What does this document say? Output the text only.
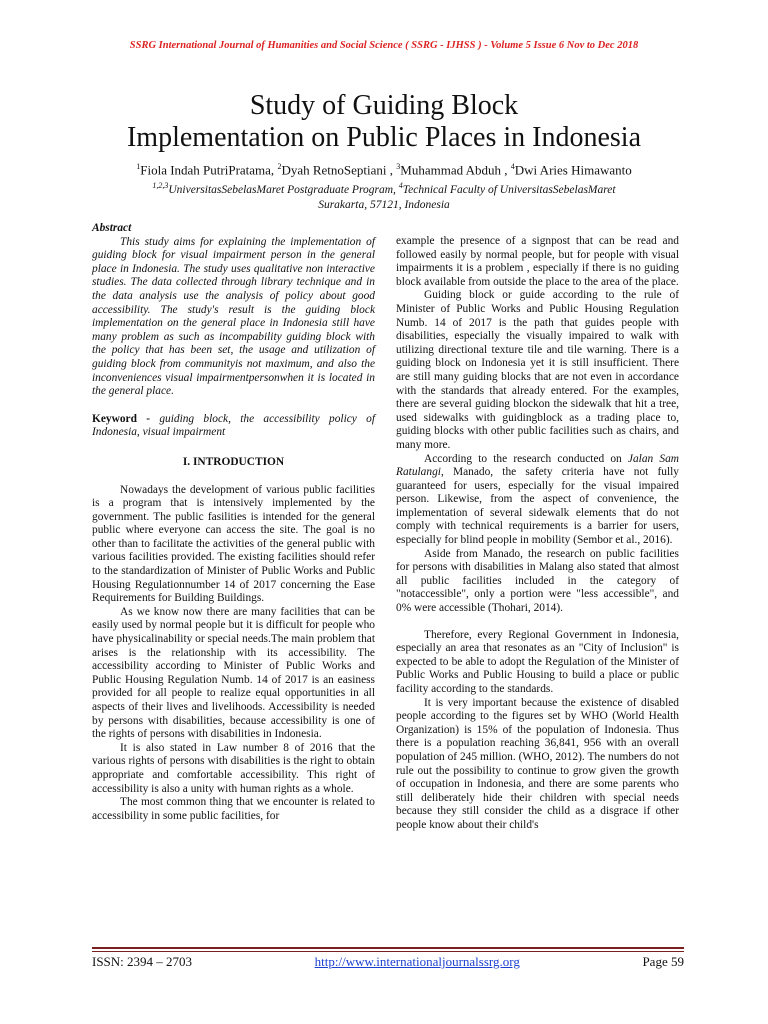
SSRG International Journal of Humanities and Social Science ( SSRG - IJHSS ) - Volume 5 Issue 6 Nov to Dec 2018
Study of Guiding Block
Implementation on Public Places in Indonesia
$^1$Fiola Indah PutriPratama, $^2$Dyah RetnoSeptiani , $^3$Muhammad Abduh , $^4$Dwi Aries Himawanto
$^{1,2,3}$UniversitasSebelasMaret Postgraduate Program, $^4$Technical Faculty of UniversitasSebelasMaret
Surakarta, 57121, Indonesia
Abstract

This study aims for explaining the implementation of guiding block for visual impairment person in the general place in Indonesia. The study uses qualitative non interactive studies. The data collected through library technique and in the data analysis use the analysis of policy about good accessibility. The study's result is the guiding block implementation on the general place in Indonesia still have many problem as such as incompability guiding block with the policy that has been set, the usage and utilization of guiding block from communityis not maximum, and also the inconveniences visual impairmentpersonwhen it is located in the general place.

Keyword - guiding block, the accessibility policy of Indonesia, visual impairment

I. INTRODUCTION

Nowadays the development of various public facilities is a program that is intensively implemented by the government. The public fasilities is intended for the general public where everyone can access the site. The goal is no other than to facilitate the activities of the general public with various facilities provided. The existing facilities should refer to the standardization of Minister of Public Works and Public Housing Regulationnumber 14 of 2017 concerning the Ease Requirements for Building Buildings.

As we know now there are many facilities that can be easily used by normal people but it is difficult for people who have physicalinability or special needs.The main problem that arises is the relationship with its accessibility. The accessibility according to Minister of Public Works and Public Housing Regulation Numb. 14 of 2017 is an easiness provided for all people to realize equal opportunities in all aspects of their lives and livelihoods. Accessibility is needed by persons with disabilities, because accessibility is one of the rights of persons with disabilities in Indonesia.

It is also stated in Law number 8 of 2016 that the various rights of persons with disabilities is the right to obtain appropriate and comfortable accessibility. This right of accessibility is also a unity with human rights as a whole.

The most common thing that we encounter is related to accessibility in some public facilities, for

example the presence of a signpost that can be read and followed easily by normal people, but for people with visual impairments it is a problem , especially if there is no guiding block available from outside the place to the area of the place.

Guiding block or guide according to the rule of Minister of Public Works and Public Housing Regulation Numb. 14 of 2017 is the path that guides people with disabilities, especially the visually impaired to walk with utilizing directional texture tile and tile warning. There is a guiding block on Indonesia yet it is still insufficient. There are still many guiding blocks that are not even in accordance with the standards that already entered. For the examples, there are several guiding blockon the sidewalk that hit a tree, used sidewalks with guidingblock as a trading place to, guiding blocks with other public facilities such as chairs, and many more.

According to the research conducted on Jalan Sam Ratulangi, Manado, the safety criteria have not fully guaranteed for users, especially for the visual impaired person. Likewise, from the aspect of convenience, the implementation of several sidewalk elements that do not comply with technical requirements is a barrier for users, especially for blind people in mobility (Sembor et al., 2016).

Aside from Manado, the research on public facilities for persons with disabilities in Malang also stated that almost all public facilities included in the category of "notaccessible", only a portion were "less accessible", and 0% were accessible (Thohari, 2014).

Therefore, every Regional Government in Indonesia, especially an area that resonates as an "City of Inclusion" is expected to be able to adopt the Regulation of the Minister of Public Works and Public Housing to build a place or public facility according to the standards.

It is very important because the existence of disabled people according to the figures set by WHO (World Health Organization) is 15% of the population of Indonesia. Thus there is a population reaching 36,841, 956 with an overall population of 245 million. (WHO, 2012). The numbers do not rule out the possibility to continue to grow given the growth of occupation in Indonesia, and there are some parents who still deliberately hide their children with special needs because they still consider the child as a disgrace if other people know about their child's

ISSN: 2394 – 2703	http://www.internationaljournalssrg.org	Page 59
